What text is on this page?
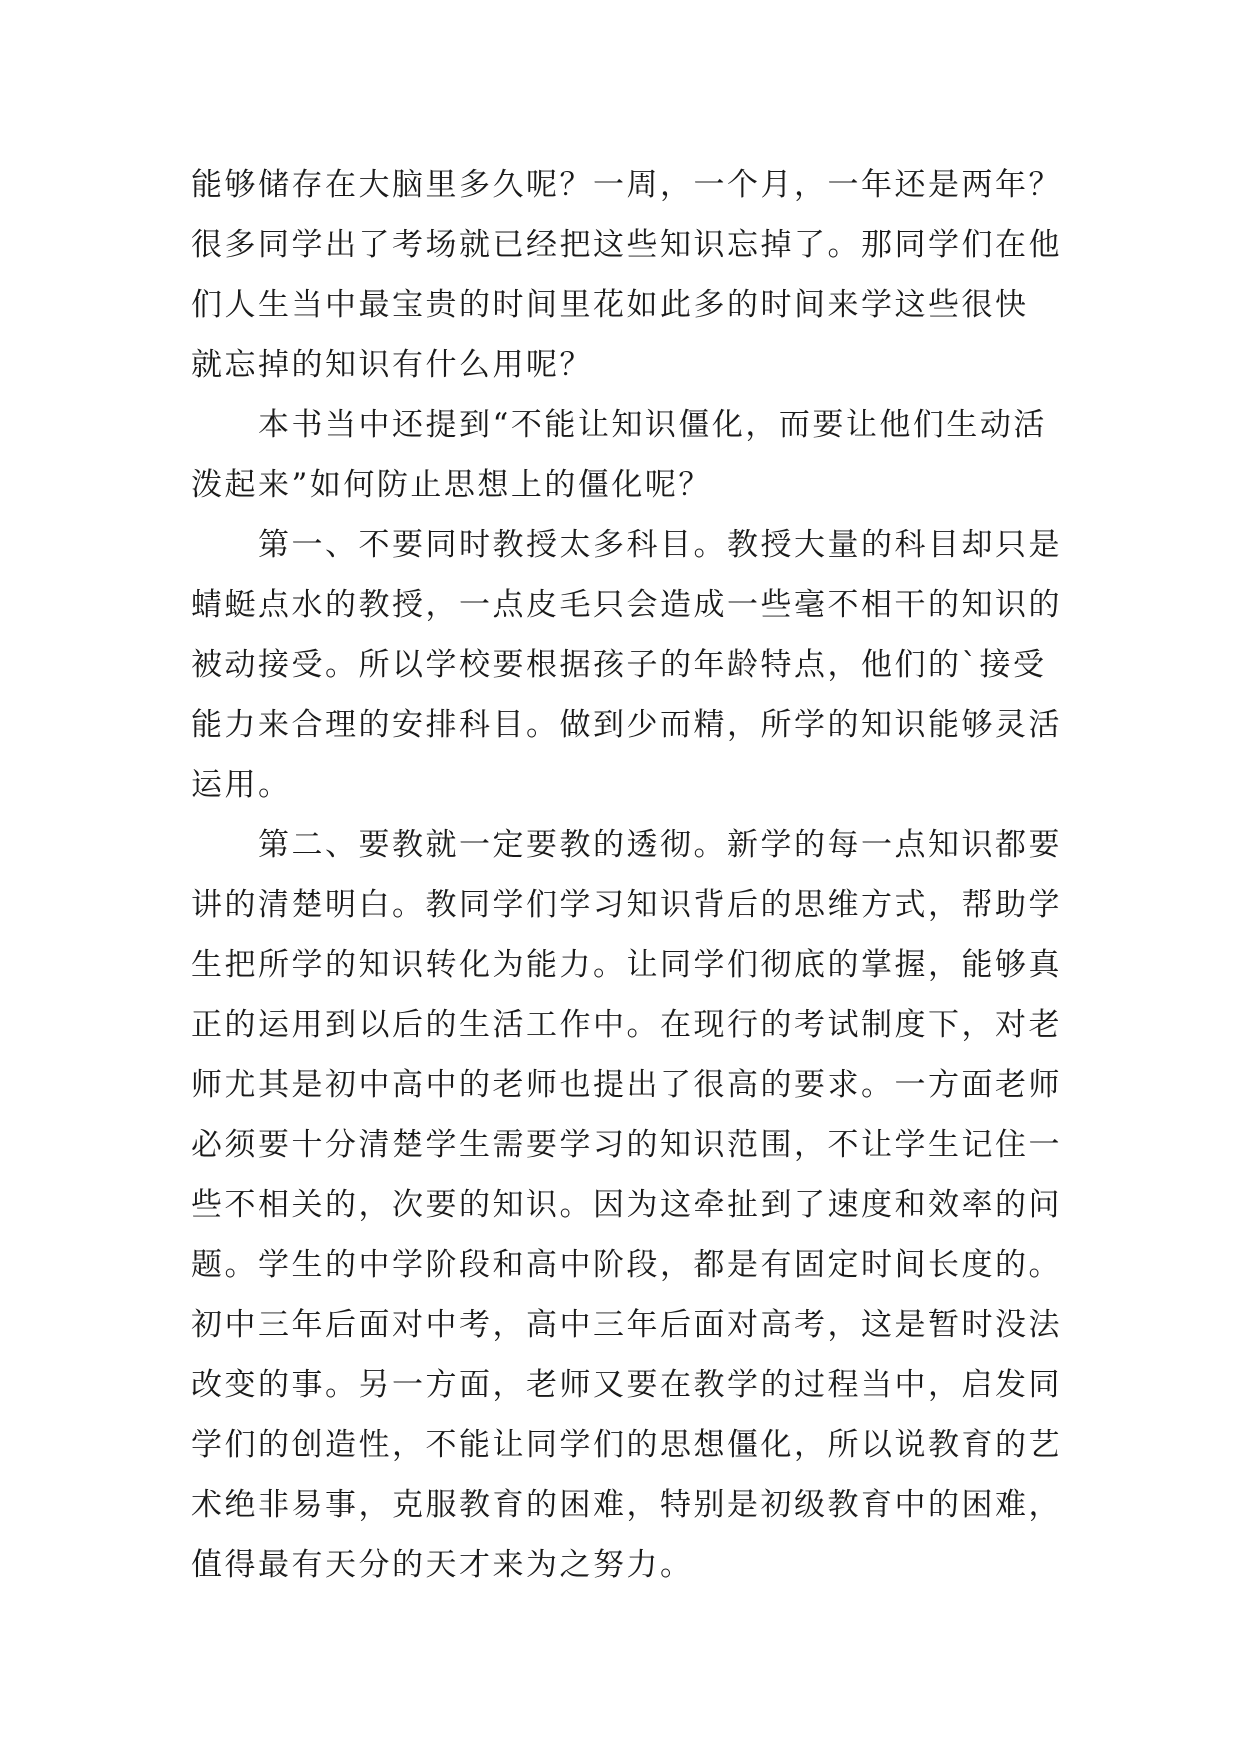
能够储存在大脑里多久呢？一周，一个月，一年还是两年？
很多同学出了考场就已经把这些知识忘掉了。那同学们在他
们人生当中最宝贵的时间里花如此多的时间来学这些很快
就忘掉的知识有什么用呢？
本书当中还提到“不能让知识僵化，而要让他们生动活
泼起来”如何防止思想上的僵化呢？
第一、不要同时教授太多科目。教授大量的科目却只是
蜻蜓点水的教授，一点皮毛只会造成一些毫不相干的知识的
被动接受。所以学校要根据孩子的年龄特点，他们的`接受
能力来合理的安排科目。做到少而精，所学的知识能够灵活
运用。
第二、要教就一定要教的透彻。新学的每一点知识都要
讲的清楚明白。教同学们学习知识背后的思维方式，帮助学
生把所学的知识转化为能力。让同学们彻底的掌握，能够真
正的运用到以后的生活工作中。在现行的考试制度下，对老
师尤其是初中高中的老师也提出了很高的要求。一方面老师
必须要十分清楚学生需要学习的知识范围，不让学生记住一
些不相关的，次要的知识。因为这牵扯到了速度和效率的问
题。学生的中学阶段和高中阶段，都是有固定时间长度的。
初中三年后面对中考，高中三年后面对高考，这是暂时没法
改变的事。另一方面，老师又要在教学的过程当中，启发同
学们的创造性，不能让同学们的思想僵化，所以说教育的艺
术绝非易事，克服教育的困难，特别是初级教育中的困难，
值得最有天分的天才来为之努力。
